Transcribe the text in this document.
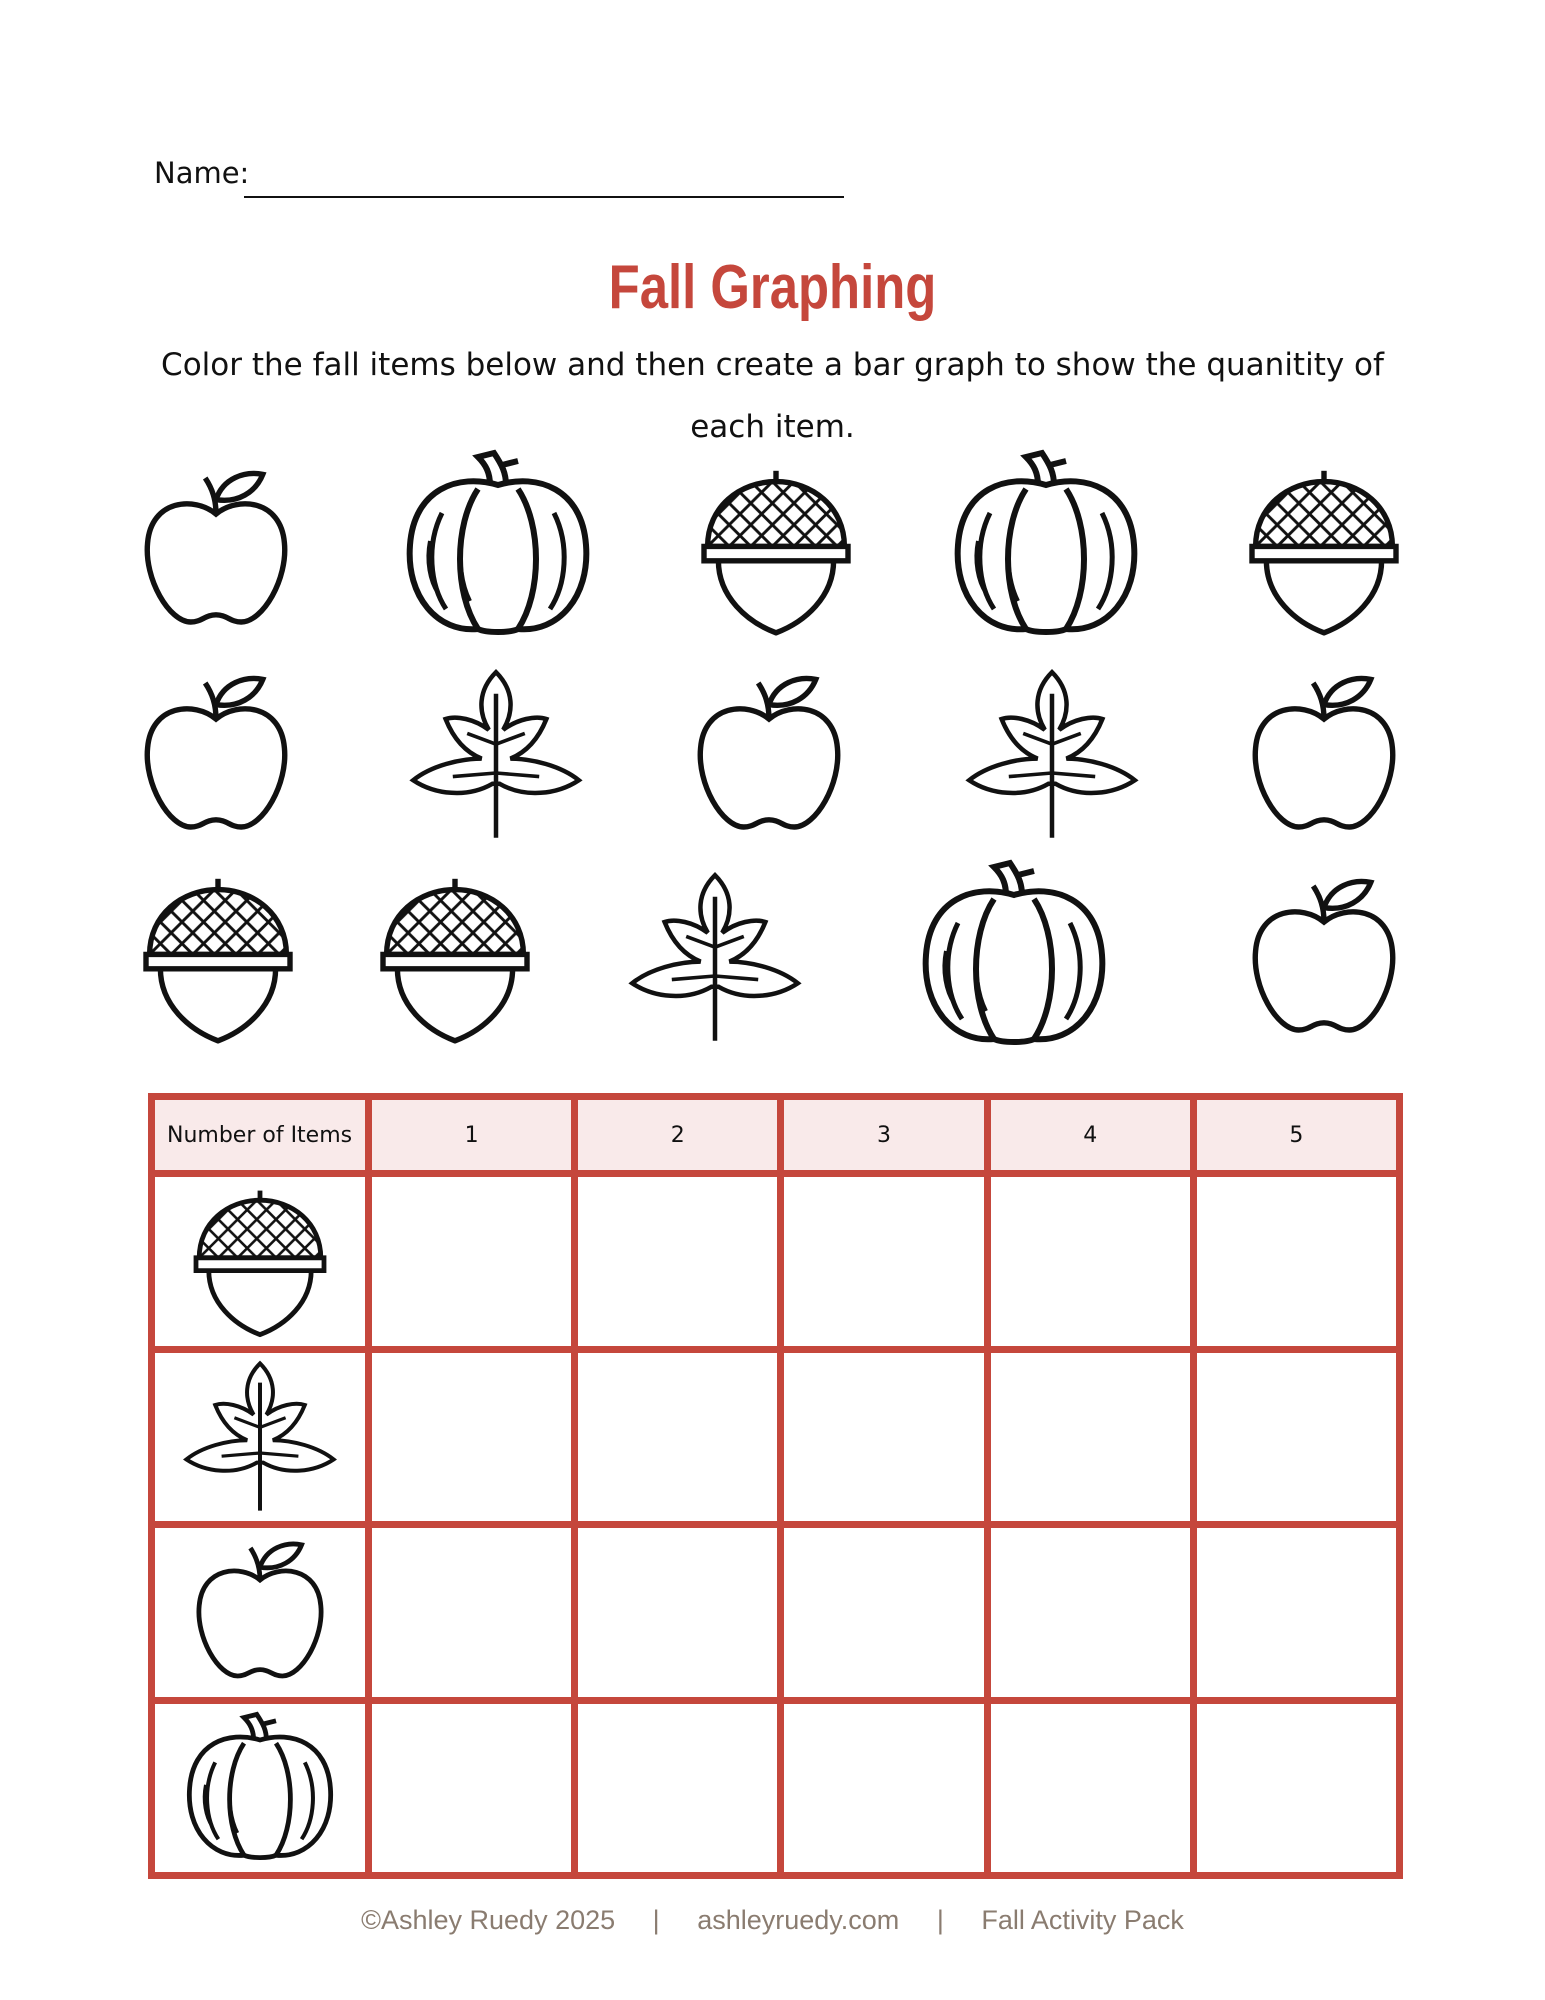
Name:
Fall Graphing
Color the fall items below and then create a bar graph to show the quanitity of each item.
Number of Items	1	2	3	4	5
©Ashley Ruedy 2025 | ashleyruedy.com | Fall Activity Pack
